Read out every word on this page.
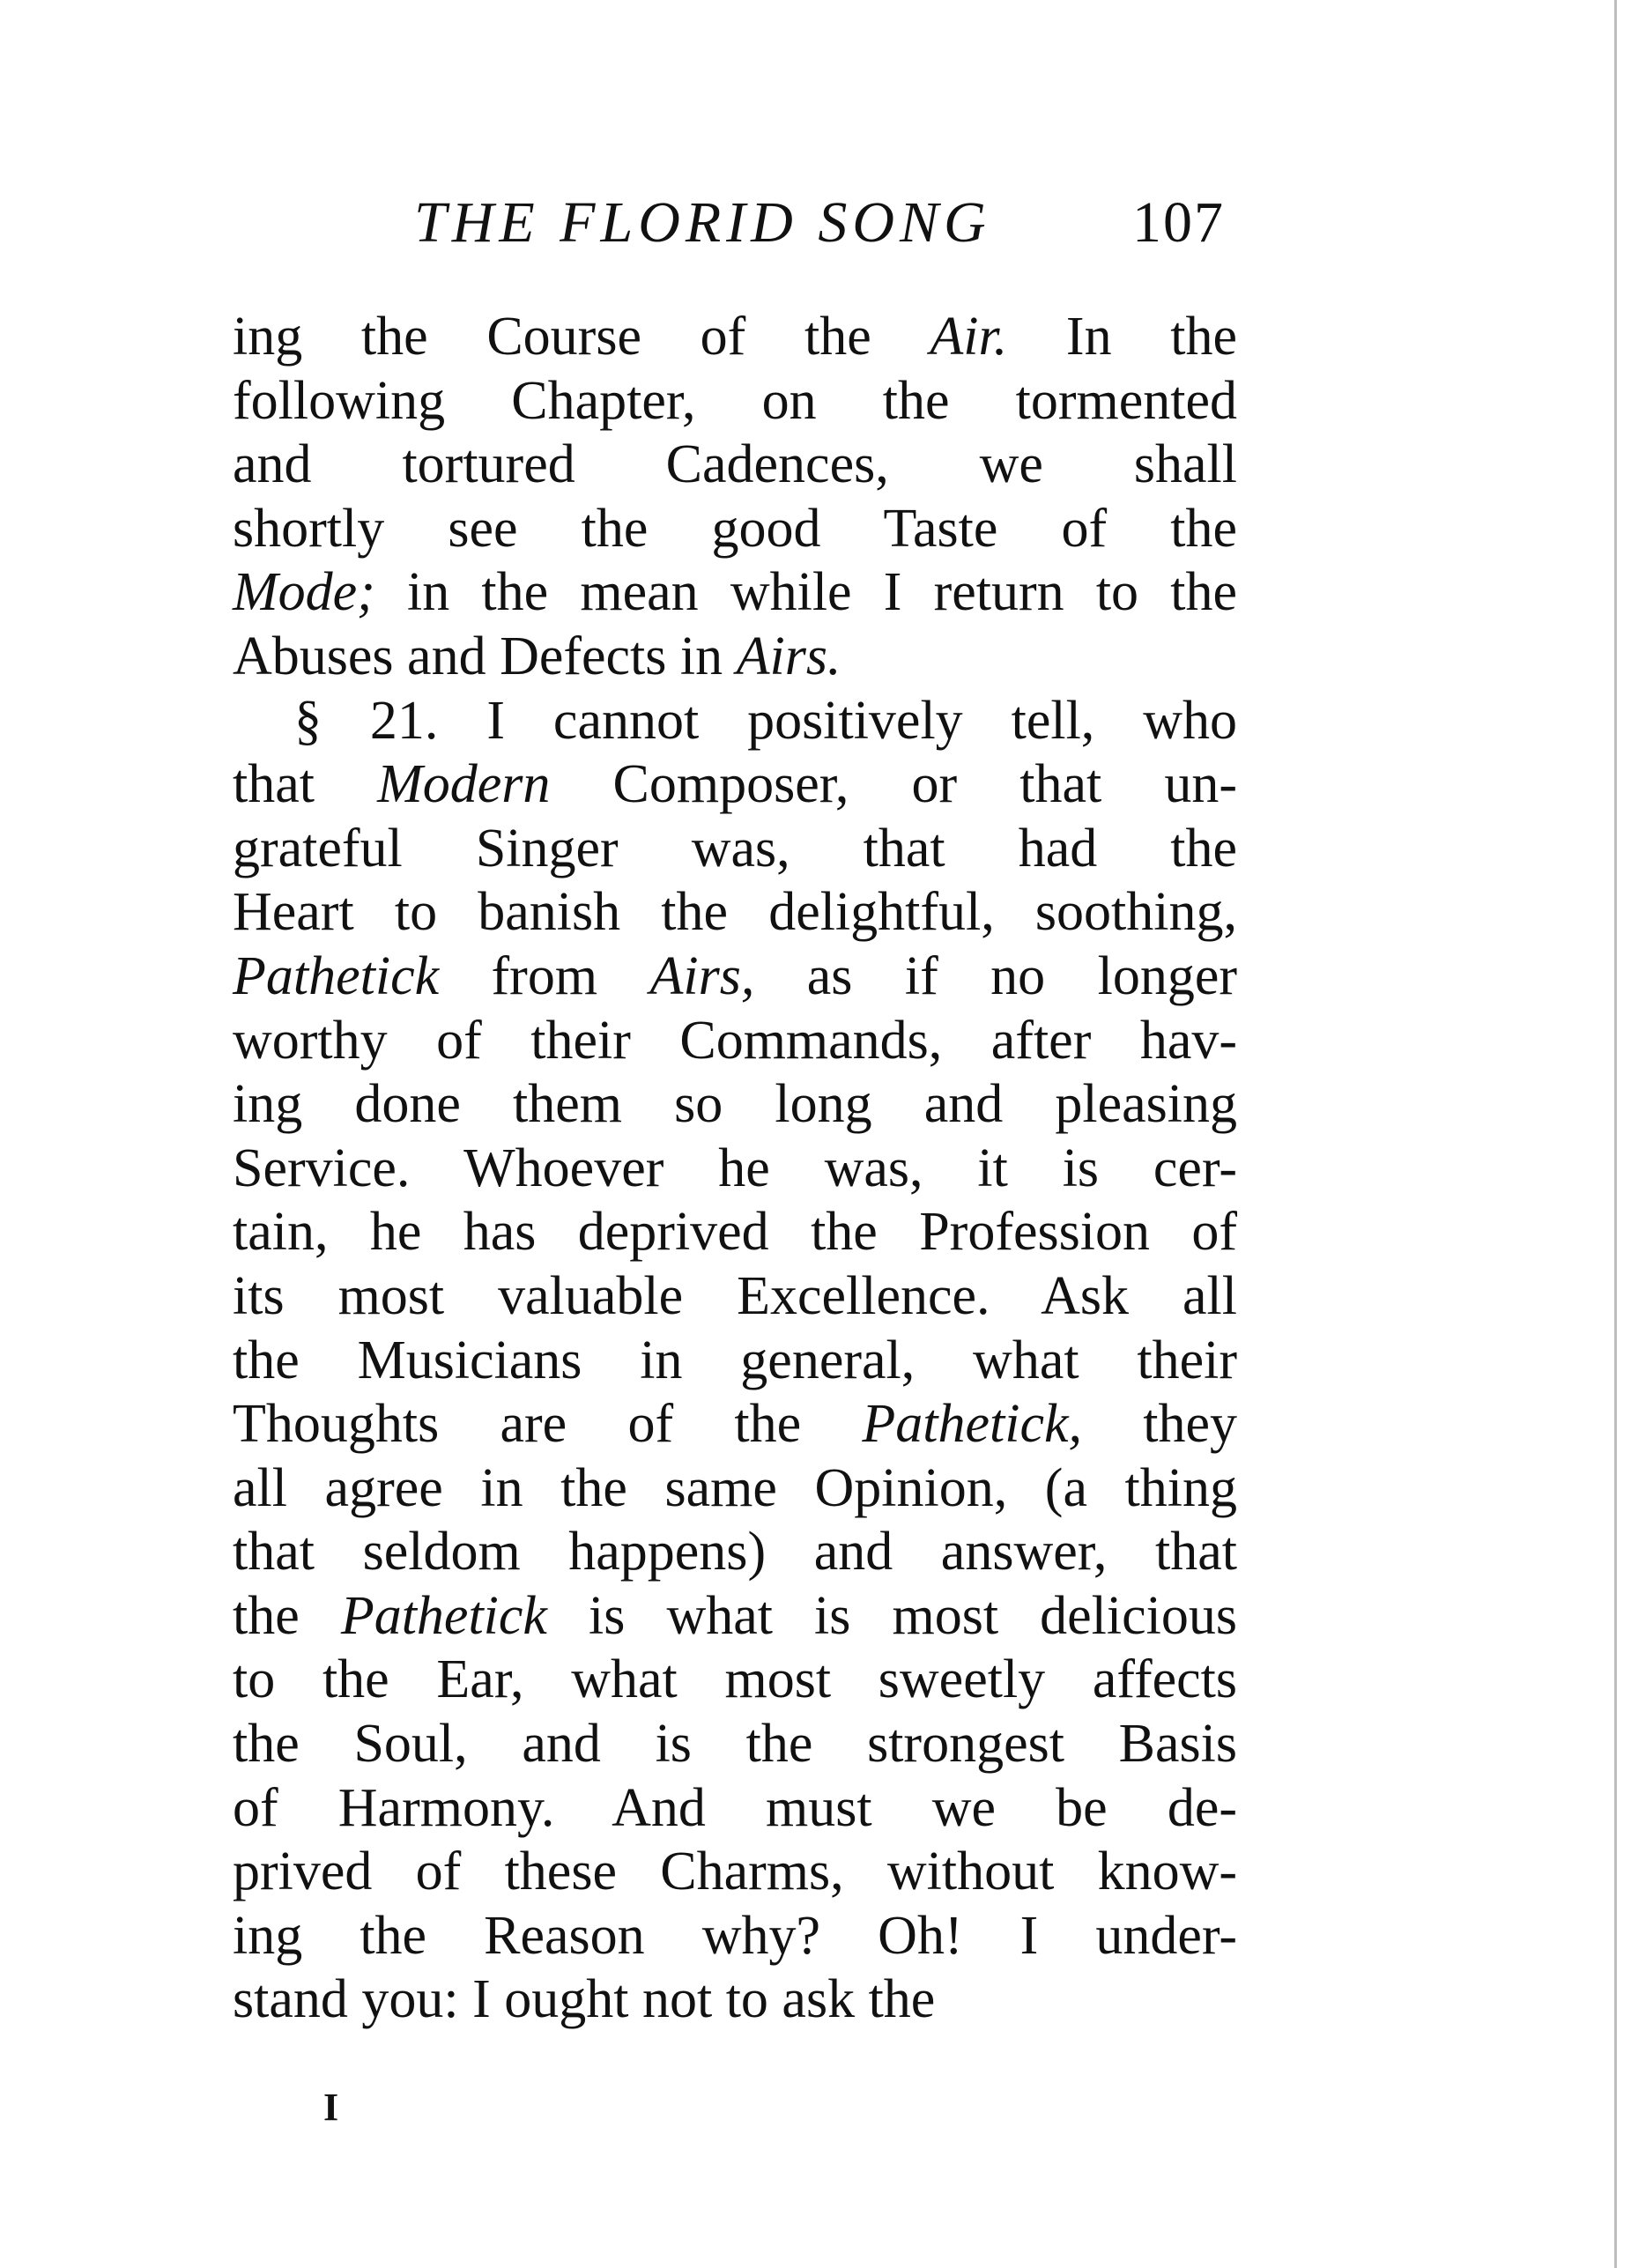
THE FLORID SONG 107
ing the Course of the Air. In the
following Chapter, on the tormented
and tortured Cadences, we shall
shortly see the good Taste of the
Mode; in the mean while I return to the
Abuses and Defects in Airs.
§ 21. I cannot positively tell, who
that Modern Composer, or that un-
grateful Singer was, that had the
Heart to banish the delightful, soothing,
Pathetick from Airs, as if no longer
worthy of their Commands, after hav-
ing done them so long and pleasing
Service. Whoever he was, it is cer-
tain, he has deprived the Profession of
its most valuable Excellence. Ask all
the Musicians in general, what their
Thoughts are of the Pathetick, they
all agree in the same Opinion, (a thing
that seldom happens) and answer, that
the Pathetick is what is most delicious
to the Ear, what most sweetly affects
the Soul, and is the strongest Basis
of Harmony. And must we be de-
prived of these Charms, without know-
ing the Reason why? Oh! I under-
stand you: I ought not to ask the
I
